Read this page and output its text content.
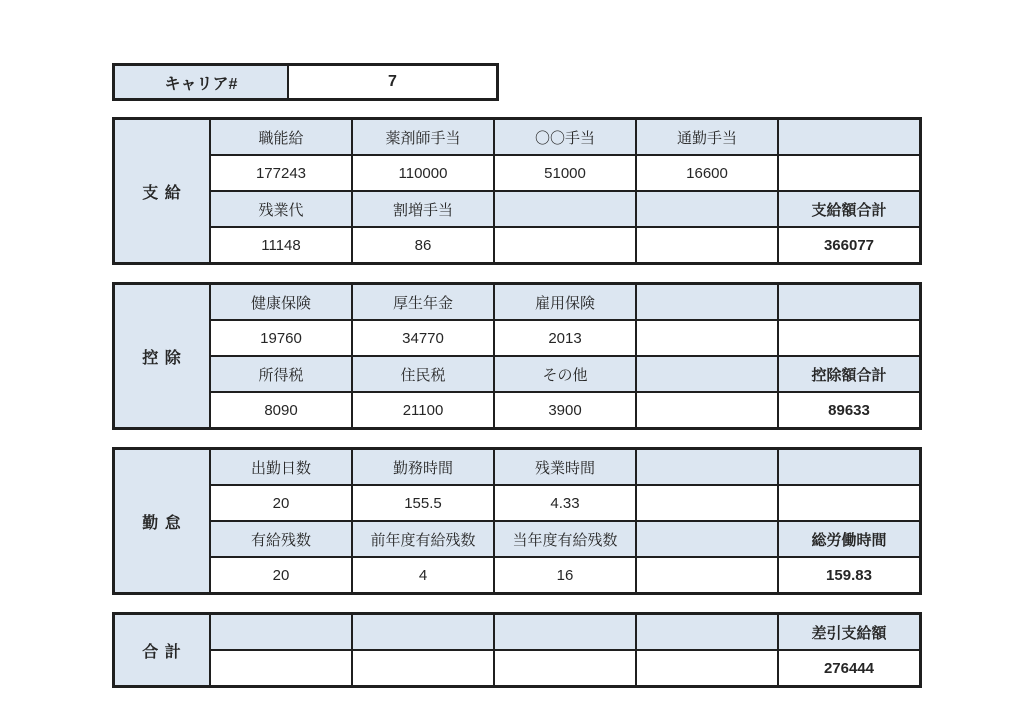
キャリア#	7
支 給	職能給	薬剤師手当	〇〇手当	通勤手当	
	177243	110000	51000	16600	
	残業代	割増手当			支給額合計
	11148	86			366077
控 除	健康保険	厚生年金	雇用保険		
	19760	34770	2013		
	所得税	住民税	その他		控除額合計
	8090	21100	3900		89633
勤 怠	出勤日数	勤務時間	残業時間		
	20	155.5	4.33		
	有給残数	前年度有給残数	当年度有給残数		総労働時間
	20	4	16		159.83
合 計					差引支給額
					276444
